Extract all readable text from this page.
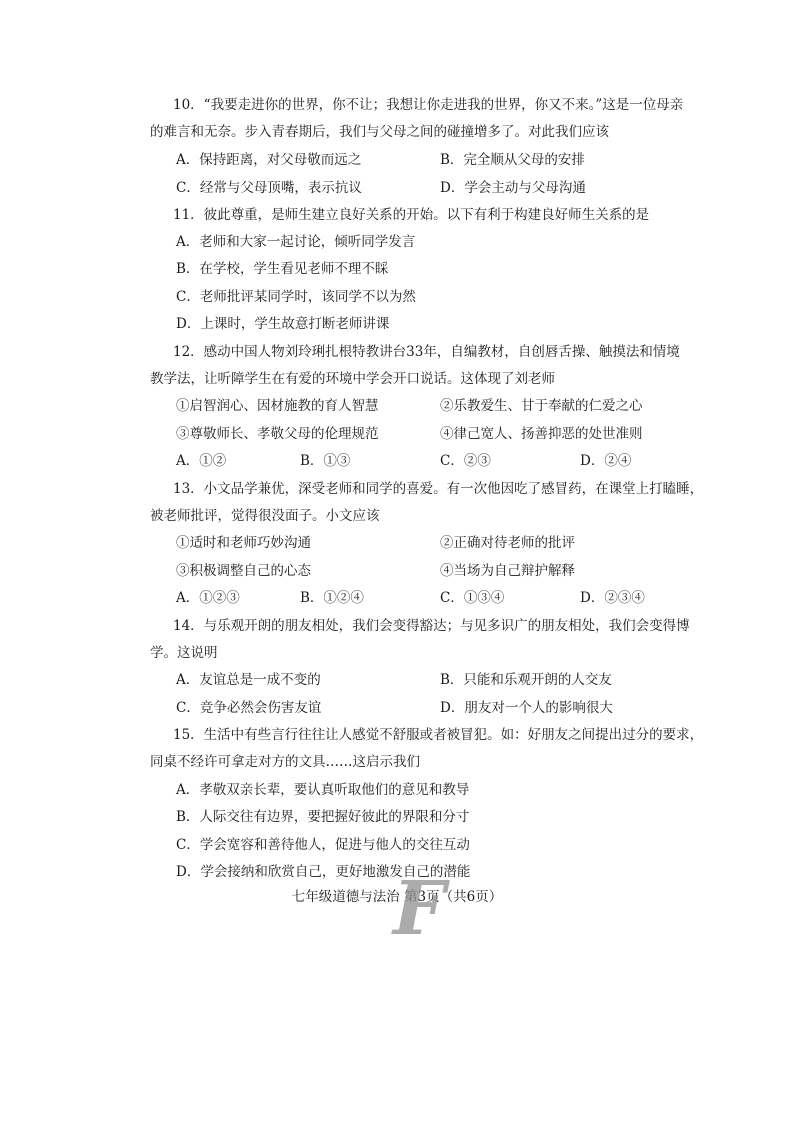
10．“我要走进你的世界，你不让；我想让你走进我的世界，你又不来。”这是一位母亲
的难言和无奈。步入青春期后，我们与父母之间的碰撞增多了。对此我们应该
A．保持距离，对父母敬而远之	B．完全顺从父母的安排
C．经常与父母顶嘴，表示抗议	D．学会主动与父母沟通
11．彼此尊重，是师生建立良好关系的开始。以下有利于构建良好师生关系的是
A．老师和大家一起讨论，倾听同学发言
B．在学校，学生看见老师不理不睬
C．老师批评某同学时，该同学不以为然
D．上课时，学生故意打断老师讲课
12．感动中国人物刘玲琍扎根特教讲台33年，自编教材，自创唇舌操、触摸法和情境
教学法，让听障学生在有爱的环境中学会开口说话。这体现了刘老师
①启智润心、因材施教的育人智慧	②乐教爱生、甘于奉献的仁爱之心
③尊敬师长、孝敬父母的伦理规范	④律己宽人、扬善抑恶的处世准则
A．①②	B．①③	C．②③	D．②④
13．小文品学兼优，深受老师和同学的喜爱。有一次他因吃了感冒药，在课堂上打瞌睡，
被老师批评，觉得很没面子。小文应该
①适时和老师巧妙沟通	②正确对待老师的批评
③积极调整自己的心态	④当场为自己辩护解释
A．①②③	B．①②④	C．①③④	D．②③④
14．与乐观开朗的朋友相处，我们会变得豁达；与见多识广的朋友相处，我们会变得博
学。这说明
A．友谊总是一成不变的	B．只能和乐观开朗的人交友
C．竞争必然会伤害友谊	D．朋友对一个人的影响很大
15．生活中有些言行往往让人感觉不舒服或者被冒犯。如：好朋友之间提出过分的要求，
同桌不经许可拿走对方的文具……这启示我们
A．孝敬双亲长辈，要认真听取他们的意见和教导
B．人际交往有边界，要把握好彼此的界限和分寸
C．学会宽容和善待他人，促进与他人的交往互动
D．学会接纳和欣赏自己，更好地激发自己的潜能
七年级道德与法治 第3页（共6页）
F
